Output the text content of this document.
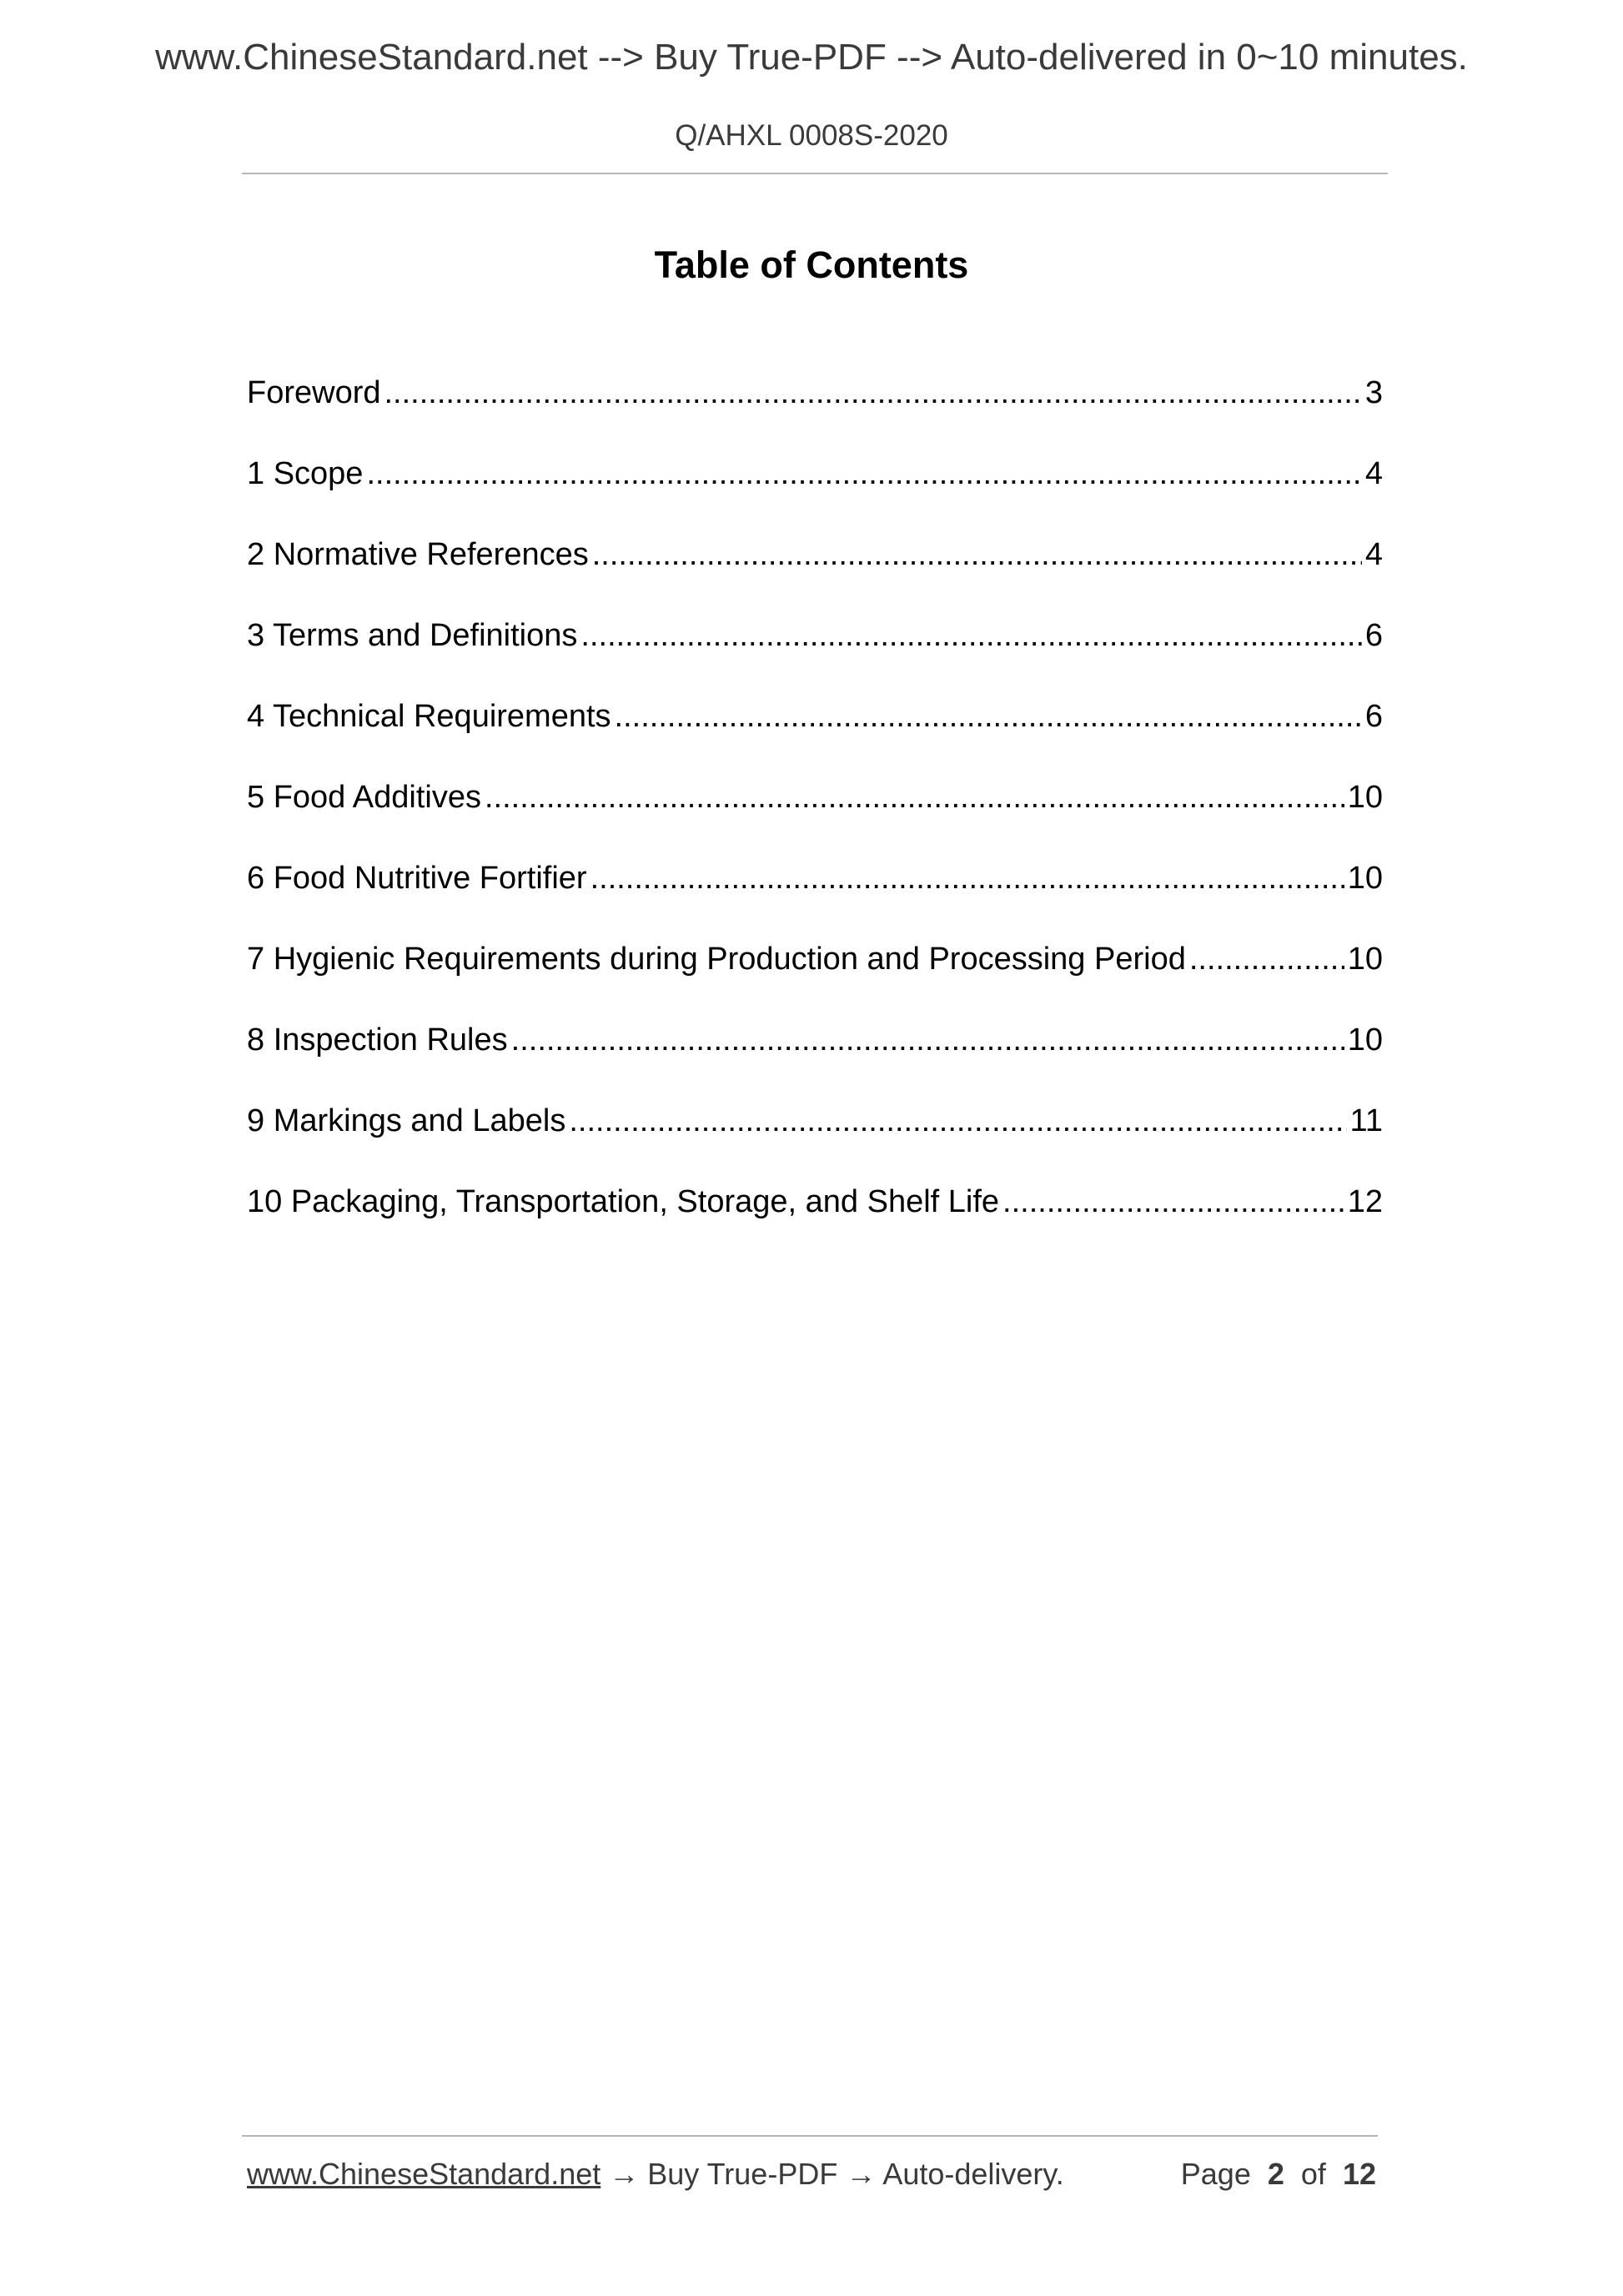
www.ChineseStandard.net --> Buy True-PDF --> Auto-delivered in 0~10 minutes.
Q/AHXL 0008S-2020
Table of Contents
Foreword .....	3
1 Scope .....	4
2 Normative References .....	4
3 Terms and Definitions .....	6
4 Technical Requirements .....	6
5 Food Additives .....	10
6 Food Nutritive Fortifier .....	10
7 Hygienic Requirements during Production and Processing Period .....	10
8 Inspection Rules .....	10
9 Markings and Labels .....	11
10 Packaging, Transportation, Storage, and Shelf Life .....	12
www.ChineseStandard.net → Buy True-PDF → Auto-delivery.	Page 2 of 12
